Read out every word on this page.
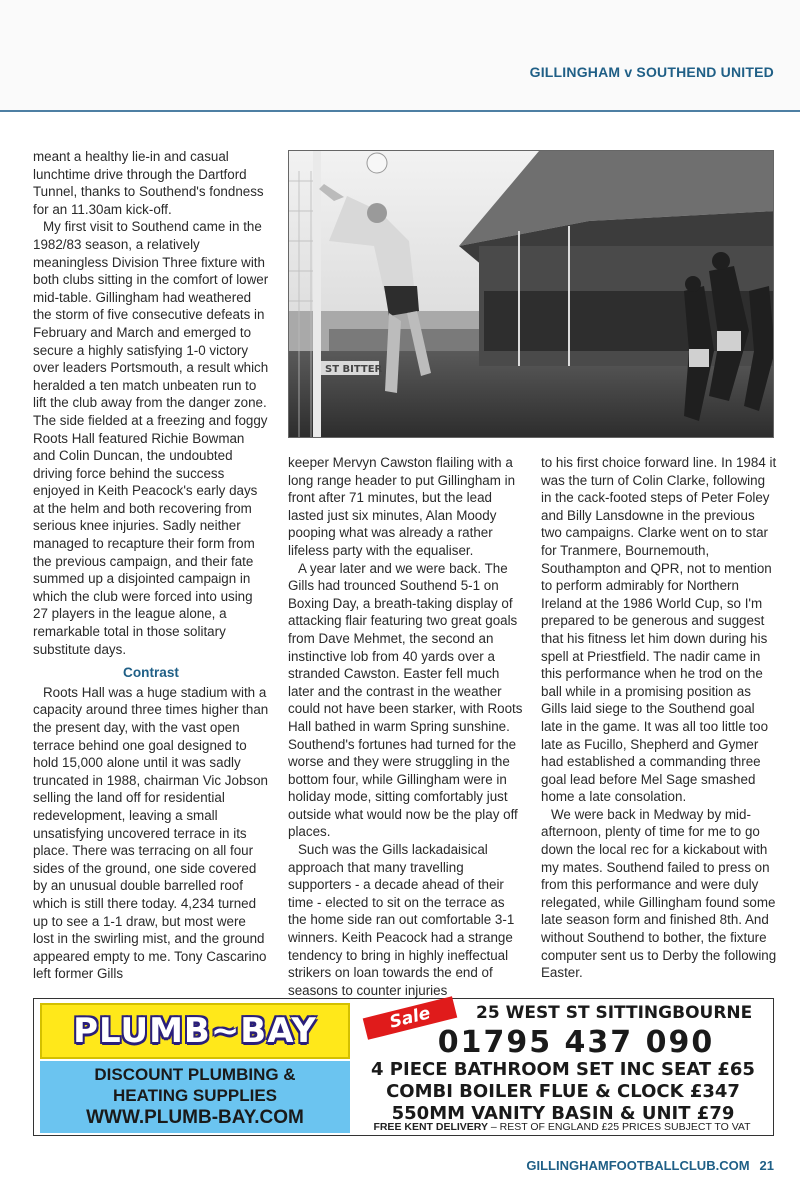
GILLINGHAM v SOUTHEND UNITED

meant a healthy lie-in and casual lunchtime drive through the Dartford Tunnel, thanks to Southend's fondness for an 11.30am kick-off.

My first visit to Southend came in the 1982/83 season, a relatively meaningless Division Three fixture with both clubs sitting in the comfort of lower mid-table. Gillingham had weathered the storm of five consecutive defeats in February and March and emerged to secure a highly satisfying 1-0 victory over leaders Portsmouth, a result which heralded a ten match unbeaten run to lift the club away from the danger zone. The side fielded at a freezing and foggy Roots Hall featured Richie Bowman and Colin Duncan, the undoubted driving force behind the success enjoyed in Keith Peacock's early days at the helm and both recovering from serious knee injuries. Sadly neither managed to recapture their form from the previous campaign, and their fate summed up a disjointed campaign in which the club were forced into using 27 players in the league alone, a remarkable total in those solitary substitute days.

Contrast

Roots Hall was a huge stadium with a capacity around three times higher than the present day, with the vast open terrace behind one goal designed to hold 15,000 alone until it was sadly truncated in 1988, chairman Vic Jobson selling the land off for residential redevelopment, leaving a small unsatisfying uncovered terrace in its place. There was terracing on all four sides of the ground, one side covered by an unusual double barrelled roof which is still there today. 4,234 turned up to see a 1-1 draw, but most were lost in the swirling mist, and the ground appeared empty to me. Tony Cascarino left former Gills

ST BITTER

keeper Mervyn Cawston flailing with a long range header to put Gillingham in front after 71 minutes, but the lead lasted just six minutes, Alan Moody pooping what was already a rather lifeless party with the equaliser.

A year later and we were back. The Gills had trounced Southend 5-1 on Boxing Day, a breath-taking display of attacking flair featuring two great goals from Dave Mehmet, the second an instinctive lob from 40 yards over a stranded Cawston. Easter fell much later and the contrast in the weather could not have been starker, with Roots Hall bathed in warm Spring sunshine. Southend's fortunes had turned for the worse and they were struggling in the bottom four, while Gillingham were in holiday mode, sitting comfortably just outside what would now be the play off places.

Such was the Gills lackadaisical approach that many travelling supporters - a decade ahead of their time - elected to sit on the terrace as the home side ran out comfortable 3-1 winners. Keith Peacock had a strange tendency to bring in highly ineffectual strikers on loan towards the end of seasons to counter injuries

to his first choice forward line. In 1984 it was the turn of Colin Clarke, following in the cack-footed steps of Peter Foley and Billy Lansdowne in the previous two campaigns. Clarke went on to star for Tranmere, Bournemouth, Southampton and QPR, not to mention to perform admirably for Northern Ireland at the 1986 World Cup, so I'm prepared to be generous and suggest that his fitness let him down during his spell at Priestfield. The nadir came in this performance when he trod on the ball while in a promising position as Gills laid siege to the Southend goal late in the game. It was all too little too late as Fucillo, Shepherd and Gymer had established a commanding three goal lead before Mel Sage smashed home a late consolation.

We were back in Medway by mid-afternoon, plenty of time for me to go down the local rec for a kickabout with my mates. Southend failed to press on from this performance and were duly relegated, while Gillingham found some late season form and finished 8th. And without Southend to bother, the fixture computer sent us to Derby the following Easter.

PLUMB~BAY
DISCOUNT PLUMBING &
HEATING SUPPLIES
WWW.PLUMB-BAY.COM
Sale	25 WEST ST SITTINGBOURNE
01795 437 090
4 PIECE BATHROOM SET INC SEAT £65
COMBI BOILER FLUE & CLOCK £347
550MM VANITY BASIN & UNIT £79
FREE KENT DELIVERY – REST OF ENGLAND £25 PRICES SUBJECT TO VAT
GILLINGHAMFOOTBALLCLUB.COM 21
